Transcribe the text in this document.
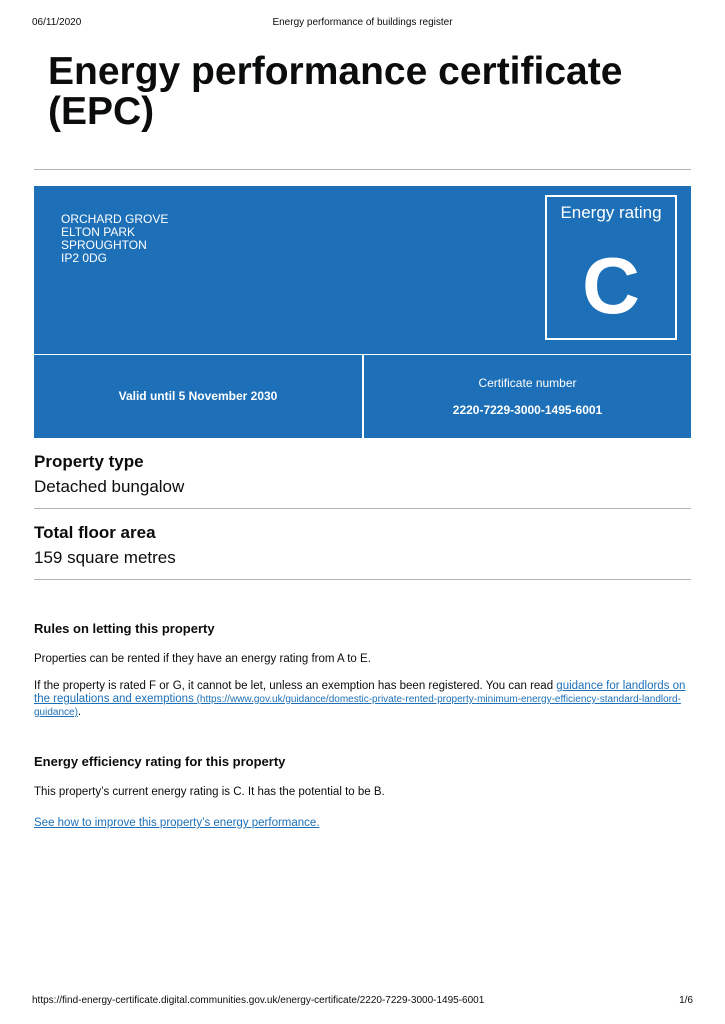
06/11/2020	Energy performance of buildings register
Energy performance certificate
(EPC)
ORCHARD GROVE
ELTON PARK
SPROUGHTON
IP2 0DG
Energy rating
C
Valid until 5 November 2030
Certificate number
2220-7229-3000-1495-6001
Property type
Detached bungalow
Total floor area
159 square metres
Rules on letting this property
Properties can be rented if they have an energy rating from A to E.
If the property is rated F or G, it cannot be let, unless an exemption has been registered. You can read guidance for landlords on the regulations and exemptions (https://www.gov.uk/guidance/domestic-private-rented-property-minimum-energy-efficiency-standard-landlord-guidance).
Energy efficiency rating for this property
This property’s current energy rating is C. It has the potential to be B.
See how to improve this property’s energy performance.
https://find-energy-certificate.digital.communities.gov.uk/energy-certificate/2220-7229-3000-1495-6001	1/6
